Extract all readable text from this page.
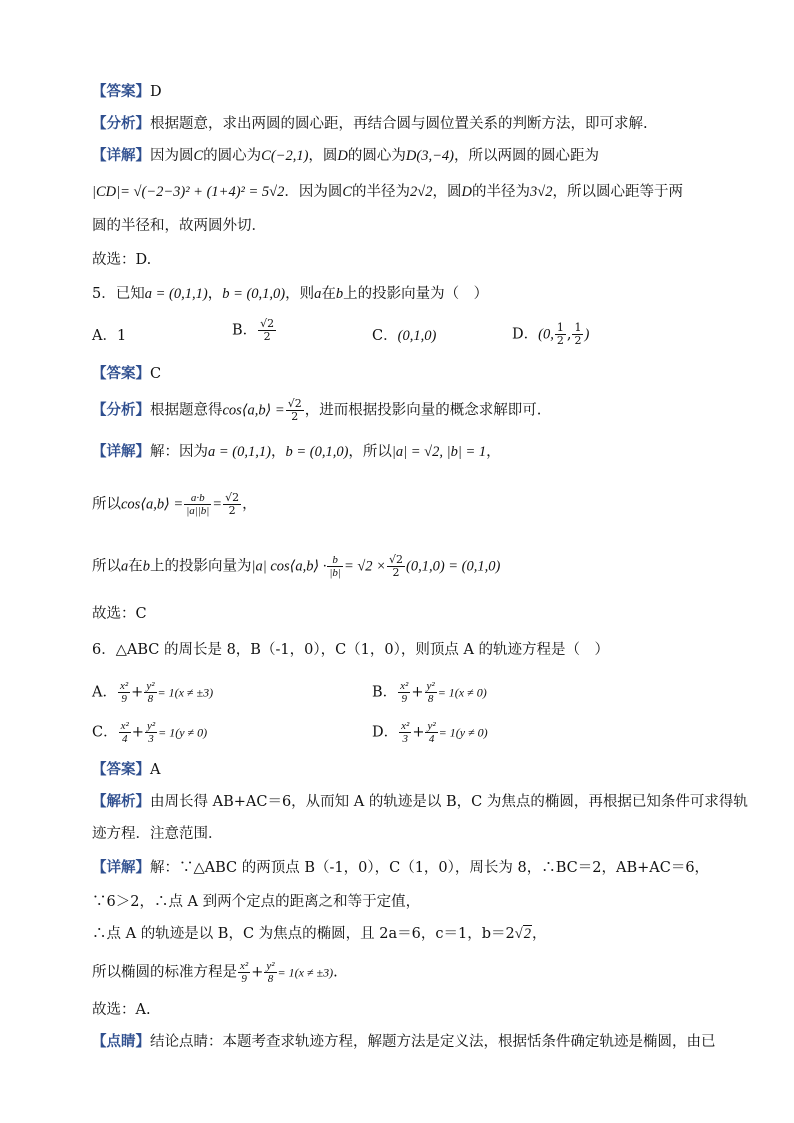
【答案】D
【分析】根据题意，求出两圆的圆心距，再结合圆与圆位置关系的判断方法，即可求解.
【详解】因为圆C的圆心为C(−2,1)，圆D的圆心为D(3,−4)，所以两圆的圆心距为
|CD|= √(−2−3)² + (1+4)² = 5√2．因为圆C的半径为2√2，圆D的半径为3√2，所以圆心距等于两
圆的半径和，故两圆外切．
故选：D.
5．已知a = (0,1,1)，b = (0,1,0)，则a在b上的投影向量为（　）
A．1	B． $\frac{√2}{2}$	C．(0,1,0)	D．(0, $\frac{1}{2}$ , $\frac{1}{2}$ )
【答案】C
【分析】根据题意得cos⟨a,b⟩ = $\frac{√2}{2}$ ，进而根据投影向量的概念求解即可.
【详解】解：因为a = (0,1,1)，b = (0,1,0)，所以|a| = √2, |b| = 1，
所以cos⟨a,b⟩ = $\frac{a\cdot b}{|a||b|} = \frac{√2}{2}$ ，
所以a在b上的投影向量为|a| cos⟨a,b⟩ · $\frac{b}{|b|} = √2 \times \frac{√2}{2} (0,1,0) = (0,1,0)$
故选：C
6．△ABC 的周长是 8，B（-1，0），C（1，0），则顶点 A 的轨迹方程是（　）
A． $\frac{\text{x²}}{9} + \frac{\text{y²}}{8} = 1(x \ne \pm 3)$	B． $\frac{\text{x²}}{9} + \frac{\text{y²}}{8} = 1(x \ne 0)$
C． $\frac{\text{x²}}{4} + \frac{\text{y²}}{3} = 1(y \ne 0)$	D． $\frac{\text{x²}}{3} + \frac{\text{y²}}{4} = 1(y \ne 0)$
【答案】A
【解析】由周长得 AB+AC＝6，从而知 A 的轨迹是以 B，C 为焦点的椭圆，再根据已知条件可求得轨
迹方程．注意范围．
【详解】解：∵△ABC 的两顶点 B（-1，0），C（1，0），周长为 8，∴BC＝2，AB+AC＝6，
∵6＞2，∴点 A 到两个定点的距离之和等于定值，
∴点 A 的轨迹是以 B，C 为焦点的椭圆，且 2a＝6，c＝1，b＝2√2，
所以椭圆的标准方程是 $\frac{\text{x²}}{9} + \frac{\text{y²}}{8} = 1(x \ne \pm 3)$.
故选：A.
【点睛】结论点睛：本题考查求轨迹方程，解题方法是定义法，根据恬条件确定轨迹是椭圆，由已
